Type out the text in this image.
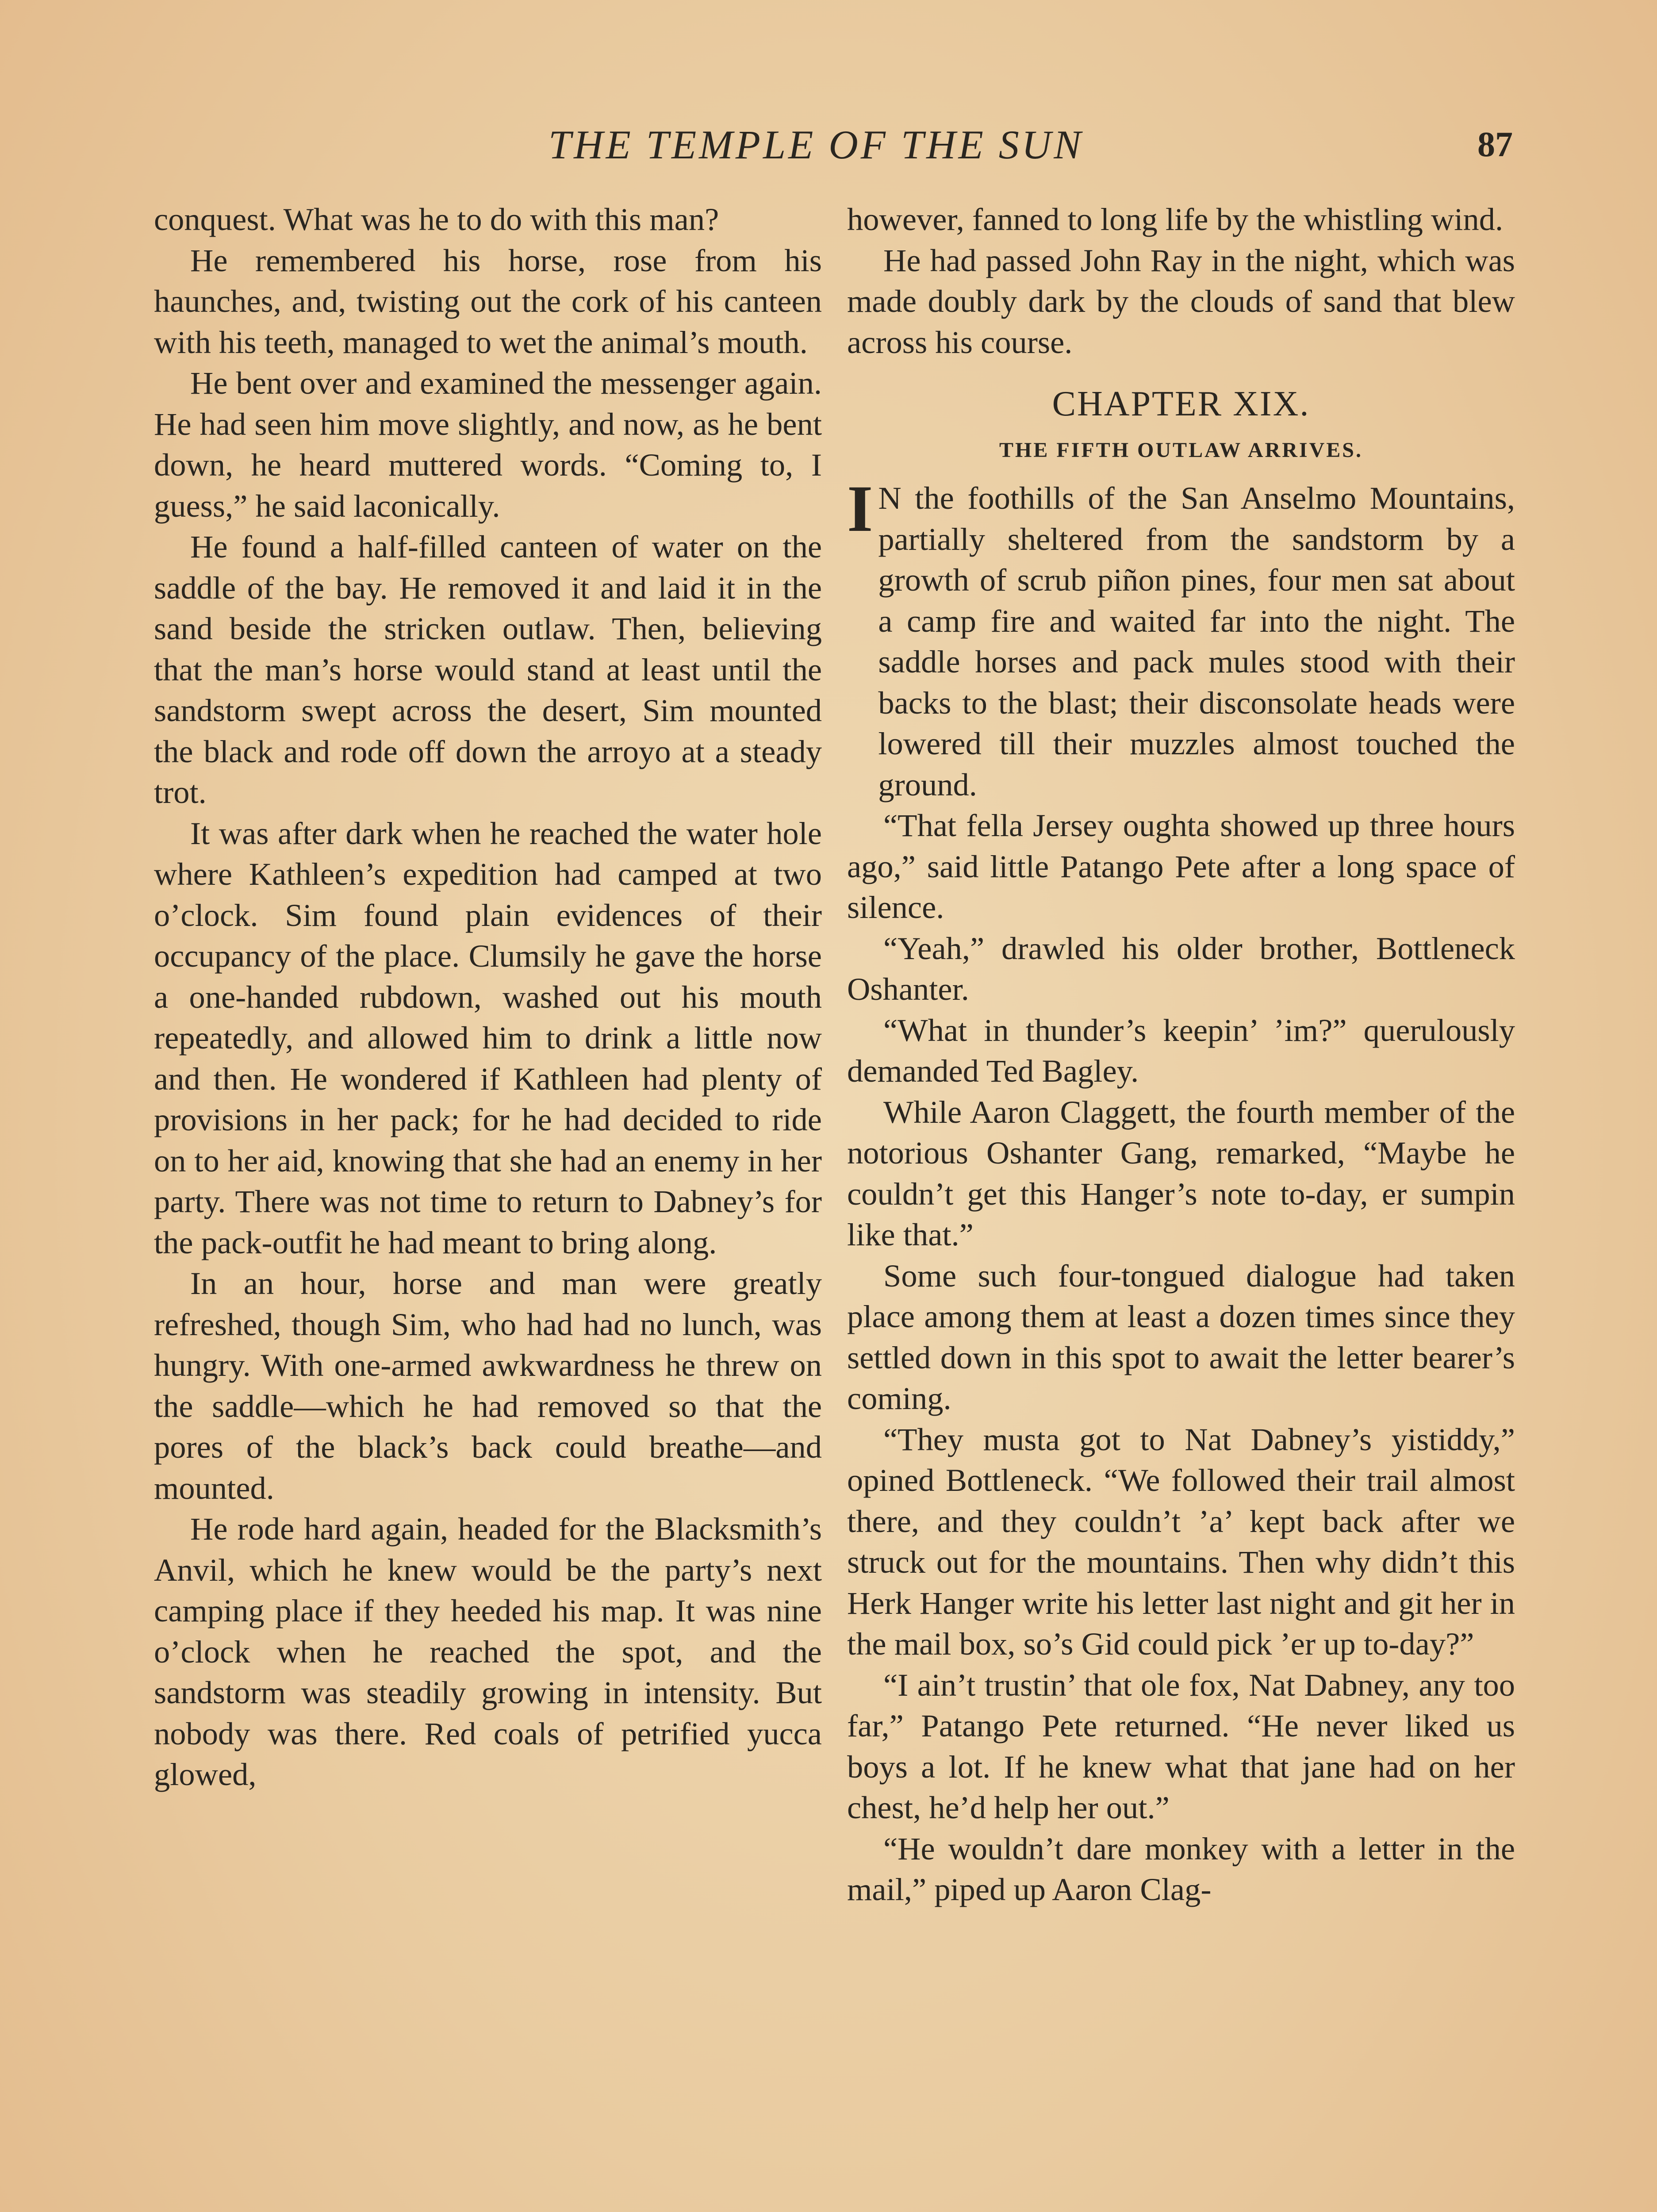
THE TEMPLE OF THE SUN	87

conquest. What was he to do with this man?

He remembered his horse, rose from his haunches, and, twisting out the cork of his canteen with his teeth, managed to wet the animal’s mouth.

He bent over and examined the messenger again. He had seen him move slightly, and now, as he bent down, he heard muttered words. “Coming to, I guess,” he said laconically.

He found a half-filled canteen of water on the saddle of the bay. He removed it and laid it in the sand beside the stricken outlaw. Then, believing that the man’s horse would stand at least until the sandstorm swept across the desert, Sim mounted the black and rode off down the arroyo at a steady trot.

It was after dark when he reached the water hole where Kathleen’s expedition had camped at two o’clock. Sim found plain evidences of their occupancy of the place. Clumsily he gave the horse a one-handed rubdown, washed out his mouth repeatedly, and allowed him to drink a little now and then. He wondered if Kathleen had plenty of provisions in her pack; for he had decided to ride on to her aid, knowing that she had an enemy in her party. There was not time to return to Dabney’s for the pack-outfit he had meant to bring along.

In an hour, horse and man were greatly refreshed, though Sim, who had had no lunch, was hungry. With one-armed awkwardness he threw on the saddle—which he had removed so that the pores of the black’s back could breathe—and mounted.

He rode hard again, headed for the Blacksmith’s Anvil, which he knew would be the party’s next camping place if they heeded his map. It was nine o’clock when he reached the spot, and the sandstorm was steadily growing in intensity. But nobody was there. Red coals of petrified yucca glowed,

however, fanned to long life by the whistling wind.

He had passed John Ray in the night, which was made doubly dark by the clouds of sand that blew across his course.

CHAPTER XIX.
THE FIFTH OUTLAW ARRIVES.
I N the foothills of the San Anselmo Mountains, partially sheltered from the sandstorm by a growth of scrub piñon pines, four men sat about a camp fire and waited far into the night. The saddle horses and pack mules stood with their backs to the blast; their disconsolate heads were lowered till their muzzles almost touched the ground.

“That fella Jersey oughta showed up three hours ago,” said little Patango Pete after a long space of silence.

“Yeah,” drawled his older brother, Bottleneck Oshanter.

“What in thunder’s keepin’ ’im?” querulously demanded Ted Bagley.

While Aaron Claggett, the fourth member of the notorious Oshanter Gang, remarked, “Maybe he couldn’t get this Hanger’s note to-day, er sumpin like that.”

Some such four-tongued dialogue had taken place among them at least a dozen times since they settled down in this spot to await the letter bearer’s coming.

“They musta got to Nat Dabney’s yistiddy,” opined Bottleneck. “We followed their trail almost there, and they couldn’t ’a’ kept back after we struck out for the mountains. Then why didn’t this Herk Hanger write his letter last night and git her in the mail box, so’s Gid could pick ’er up to-day?”

“I ain’t trustin’ that ole fox, Nat Dabney, any too far,” Patango Pete returned. “He never liked us boys a lot. If he knew what that jane had on her chest, he’d help her out.”

“He wouldn’t dare monkey with a letter in the mail,” piped up Aaron Clag-
